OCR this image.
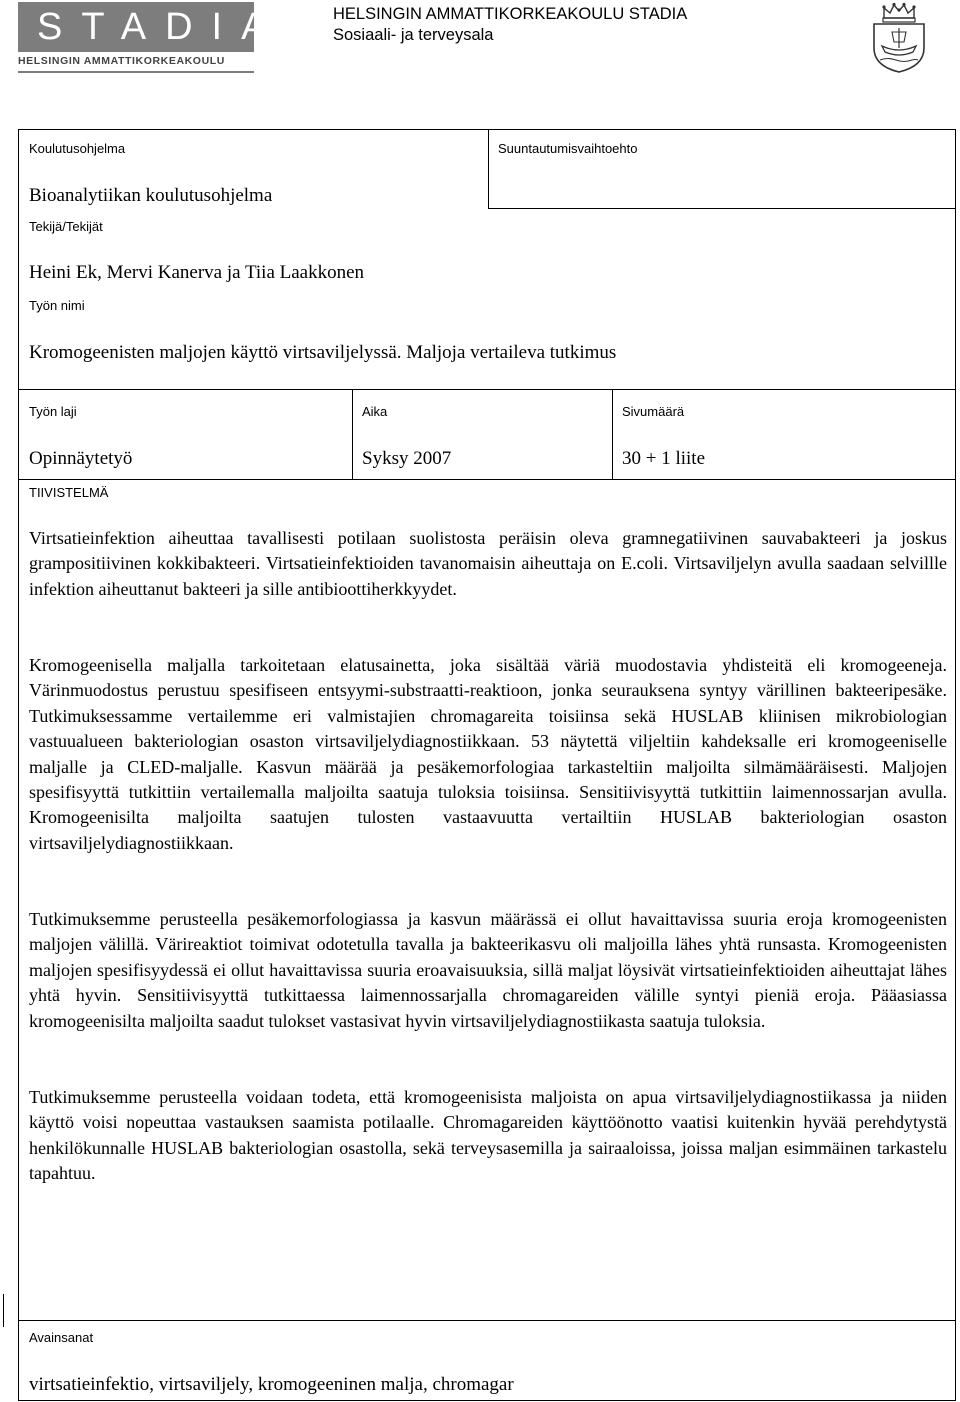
STADIA
HELSINGIN AMMATTIKORKEAKOULU
HELSINGIN AMMATTIKORKEAKOULU STADIA
Sosiaali- ja terveysala
Koulutusohjelma	Suuntautumisvaihtoehto
Bioanalytiikan koulutusohjelma
Tekijä/Tekijät
Heini Ek, Mervi Kanerva ja Tiia Laakkonen
Työn nimi
Kromogeenisten maljojen käyttö virtsaviljelyssä. Maljoja vertaileva tutkimus
Työn laji	Aika	Sivumäärä
Opinnäytetyö	Syksy 2007	30 + 1 liite
TIIVISTELMÄ
Avainsanat
virtsatieinfektio, virtsaviljely, kromogeeninen malja, chromagar

Virtsatieinfektion aiheuttaa tavallisesti potilaan suolistosta peräisin oleva gramnegatiivinen sauvabakteeri ja joskus grampositiivinen kokkibakteeri. Virtsatieinfektioiden tavanomaisin aiheuttaja on E.coli. Virtsaviljelyn avulla saadaan selvillle infektion aiheuttanut bakteeri ja sille antibioottiherkkyydet.

Kromogeenisella maljalla tarkoitetaan elatusainetta, joka sisältää väriä muodostavia yhdisteitä eli kromogeeneja. Värinmuodostus perustuu spesifiseen entsyymi-substraatti-reaktioon, jonka seurauksena syntyy värillinen bakteeripesäke. Tutkimuksessamme vertailemme eri valmistajien chromagareita toisiinsa sekä HUSLAB kliinisen mikrobiologian vastuualueen bakteriologian osaston virtsaviljelydiagnostiikkaan. 53 näytettä viljeltiin kahdeksalle eri kromogeeniselle maljalle ja CLED-maljalle. Kasvun määrää ja pesäkemorfologiaa tarkasteltiin maljoilta silmämääräisesti. Maljojen spesifisyyttä tutkittiin vertailemalla maljoilta saatuja tuloksia toisiinsa. Sensitiivisyyttä tutkittiin laimennossarjan avulla. Kromogeenisilta maljoilta saatujen tulosten vastaavuutta vertailtiin HUSLAB bakteriologian osaston virtsaviljelydiagnostiikkaan.

Tutkimuksemme perusteella pesäkemorfologiassa ja kasvun määrässä ei ollut havaittavissa suuria eroja kromogeenisten maljojen välillä. Värireaktiot toimivat odotetulla tavalla ja bakteerikasvu oli maljoilla lähes yhtä runsasta. Kromogeenisten maljojen spesifisyydessä ei ollut havaittavissa suuria eroavaisuuksia, sillä maljat löysivät virtsatieinfektioiden aiheuttajat lähes yhtä hyvin. Sensitiivisyyttä tutkittaessa laimennossarjalla chromagareiden välille syntyi pieniä eroja. Pääasiassa kromogeenisilta maljoilta saadut tulokset vastasivat hyvin virtsaviljelydiagnostiikasta saatuja tuloksia.

Tutkimuksemme perusteella voidaan todeta, että kromogeenisista maljoista on apua virtsaviljelydiagnostiikassa ja niiden käyttö voisi nopeuttaa vastauksen saamista potilaalle. Chromagareiden käyttöönotto vaatisi kuitenkin hyvää perehdytystä henkilökunnalle HUSLAB bakteriologian osastolla, sekä terveysasemilla ja sairaaloissa, joissa maljan esimmäinen tarkastelu tapahtuu.
